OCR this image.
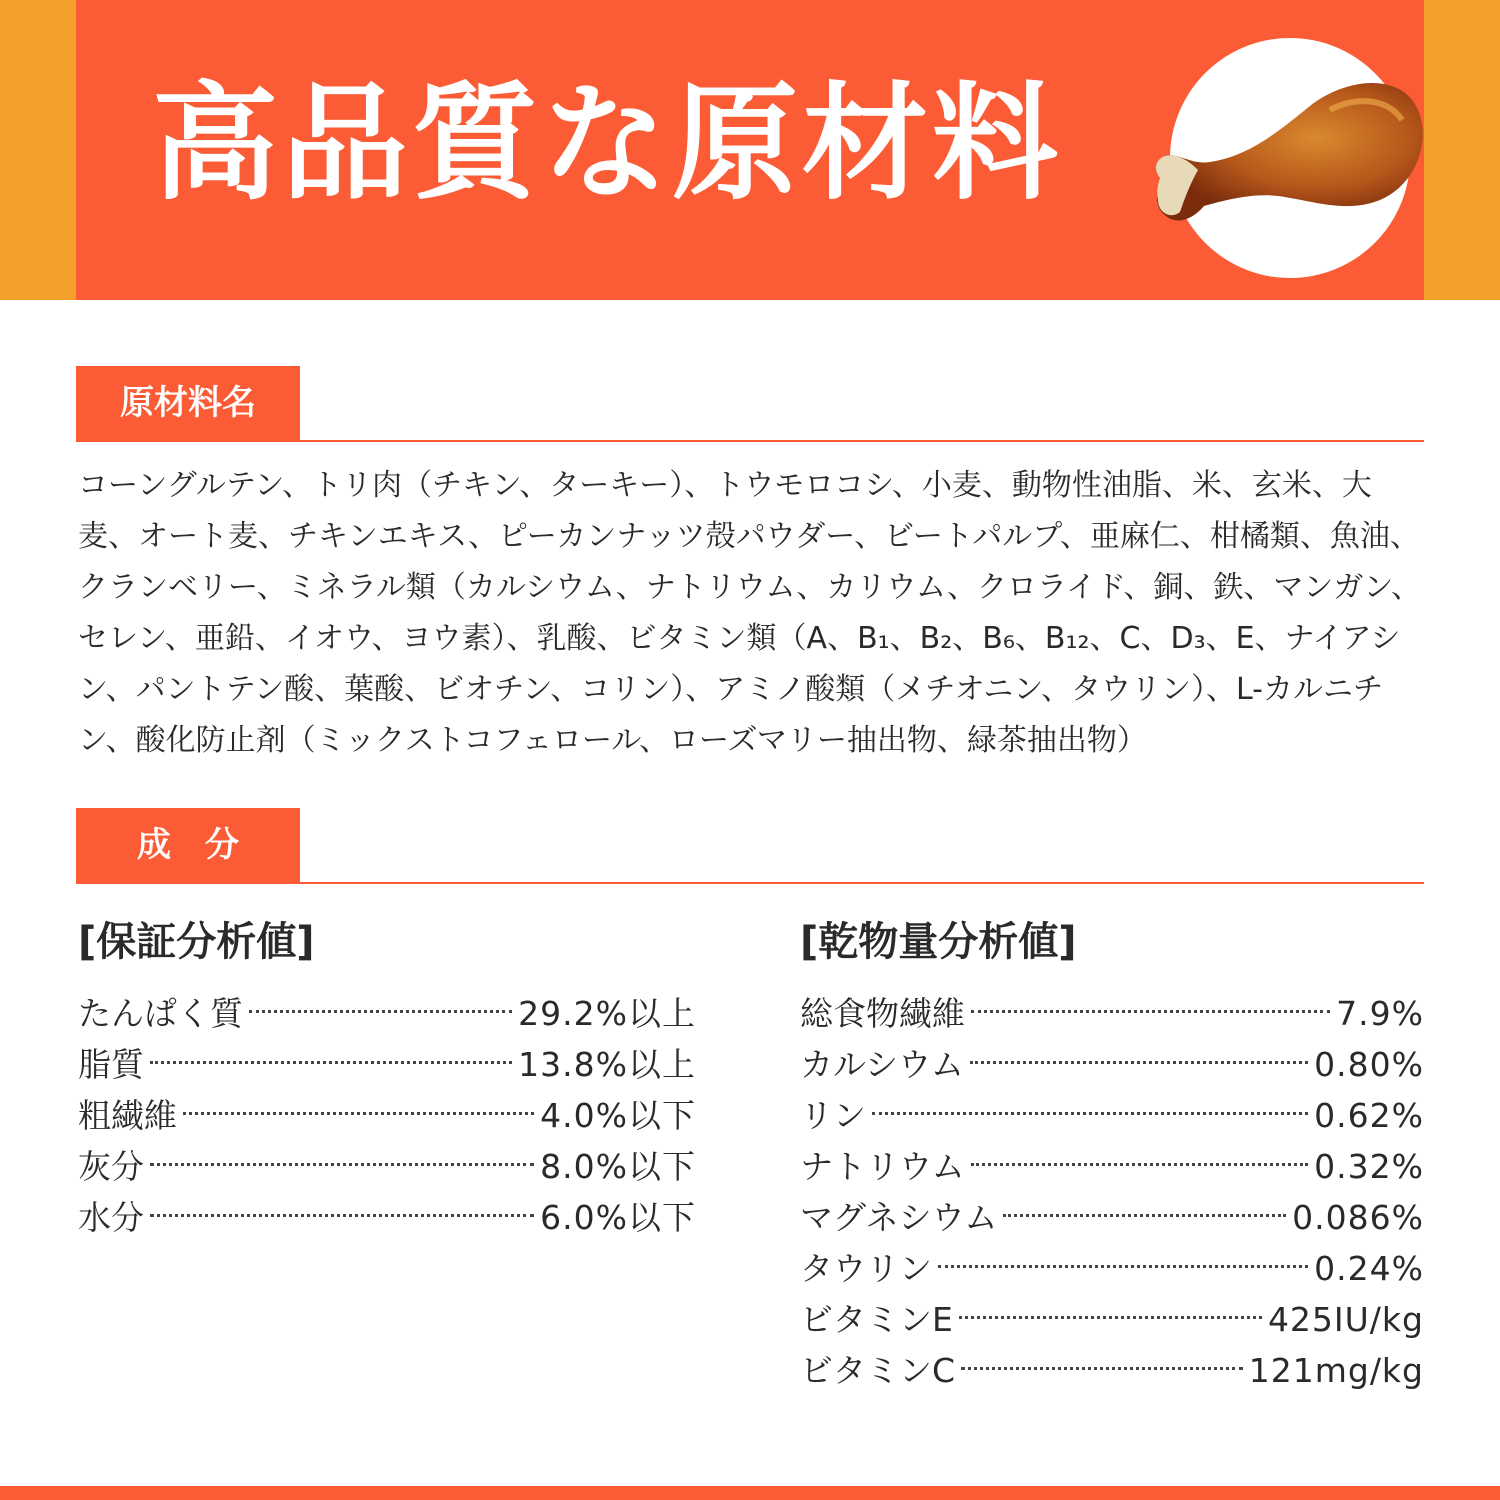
高品質な原材料
原材料名

コーングルテン、トリ肉（チキン、ターキー）、トウモロコシ、小麦、動物性油脂、米、玄米、大麦、オート麦、チキンエキス、ピーカンナッツ殻パウダー、ビートパルプ、亜麻仁、柑橘類、魚油、クランベリー、ミネラル類（カルシウム、ナトリウム、カリウム、クロライド、銅、鉄、マンガン、セレン、亜鉛、イオウ、ヨウ素）、乳酸、ビタミン類（A、B₁、B₂、B₆、B₁₂、C、D₃、E、ナイアシン、パントテン酸、葉酸、ビオチン、コリン）、アミノ酸類（メチオニン、タウリン）、L-カルニチン、酸化防止剤（ミックストコフェロール、ローズマリー抽出物、緑茶抽出物）

成　分
[保証分析値]
たんぱく質	29.2%以上
脂質	13.8%以上
粗繊維	4.0%以下
灰分	8.0%以下
水分	6.0%以下
[乾物量分析値]
総食物繊維	7.9%
カルシウム	0.80%
リン	0.62%
ナトリウム	0.32%
マグネシウム	0.086%
タウリン	0.24%
ビタミンE	425IU/kg
ビタミンC	121mg/kg
